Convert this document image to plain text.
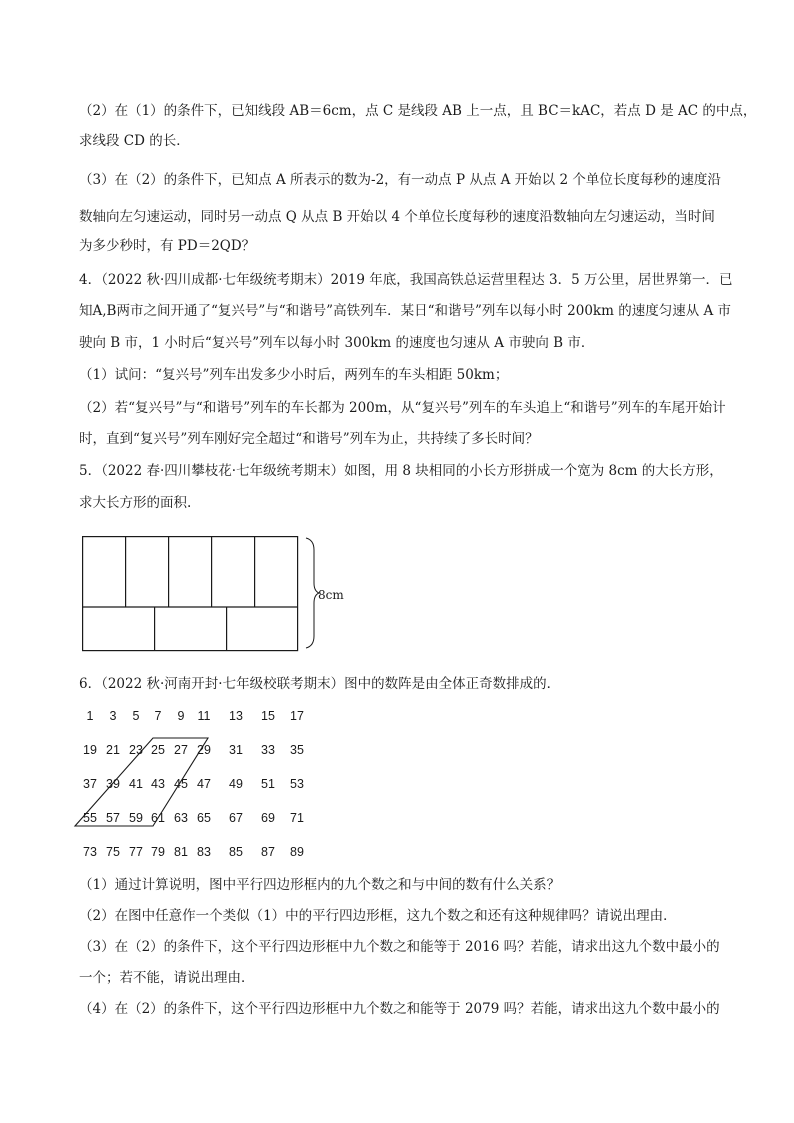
（2）在（1）的条件下，已知线段 AB＝6cm，点 C 是线段 AB 上一点，且 BC＝kAC，若点 D 是 AC 的中点，
求线段 CD 的长．
（3）在（2）的条件下，已知点 A 所表示的数为-2，有一动点 P 从点 A 开始以 2 个单位长度每秒的速度沿
数轴向左匀速运动，同时另一动点 Q 从点 B 开始以 4 个单位长度每秒的速度沿数轴向左匀速运动，当时间
为多少秒时，有 PD＝2QD？
4．（2022 秋·四川成都·七年级统考期末）2019 年底，我国高铁总运营里程达 3．5 万公里，居世界第一．已
知A,B两市之间开通了“复兴号”与“和谐号”高铁列车．某日“和谐号”列车以每小时 200km 的速度匀速从 A 市
驶向 B 市，1 小时后“复兴号”列车以每小时 300km 的速度也匀速从 A 市驶向 B 市．
（1）试问：“复兴号”列车出发多少小时后，两列车的车头相距 50km；
（2）若“复兴号”与“和谐号”列车的车长都为 200m，从“复兴号”列车的车头追上“和谐号”列车的车尾开始计
时，直到“复兴号”列车刚好完全超过“和谐号”列车为止，共持续了多长时间？
5．（2022 春·四川攀枝花·七年级统考期末）如图，用 8 块相同的小长方形拼成一个宽为 8cm 的大长方形，
求大长方形的面积.
8cm
6．（2022 秋·河南开封·七年级校联考期末）图中的数阵是由全体正奇数排成的．
1	3	5	7	9	11	13	15	17
19 21 23 25 27 29	31	33	35
37 39 41 43 45 47	49	51	53
55 57 59 61 63 65	67	69	71
73 75 77 79 81 83	85	87	89
（1）通过计算说明，图中平行四边形框内的九个数之和与中间的数有什么关系？
（2）在图中任意作一个类似（1）中的平行四边形框，这九个数之和还有这种规律吗？请说出理由．
（3）在（2）的条件下，这个平行四边形框中九个数之和能等于 2016 吗？若能，请求出这九个数中最小的
一个；若不能，请说出理由．
（4）在（2）的条件下，这个平行四边形框中九个数之和能等于 2079 吗？若能，请求出这九个数中最小的
